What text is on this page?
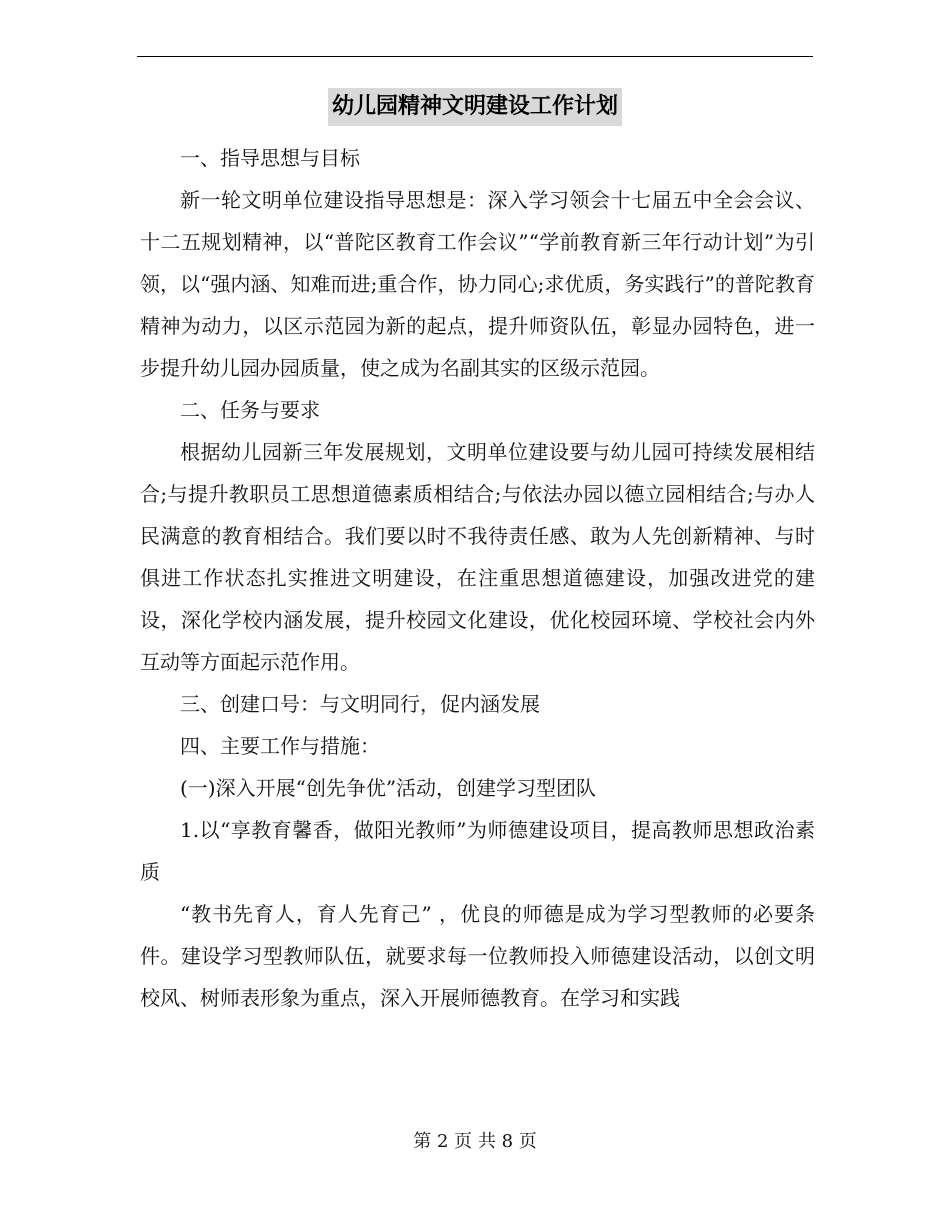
幼儿园精神文明建设工作计划

一、指导思想与目标

新一轮文明单位建设指导思想是：深入学习领会十七届五中全会会议、十二五规划精神，以“普陀区教育工作会议”“学前教育新三年行动计划”为引领，以“强内涵、知难而进;重合作，协力同心;求优质，务实践行”的普陀教育精神为动力，以区示范园为新的起点，提升师资队伍，彰显办园特色，进一步提升幼儿园办园质量，使之成为名副其实的区级示范园。

二、任务与要求

根据幼儿园新三年发展规划，文明单位建设要与幼儿园可持续发展相结合;与提升教职员工思想道德素质相结合;与依法办园以德立园相结合;与办人民满意的教育相结合。我们要以时不我待责任感、敢为人先创新精神、与时俱进工作状态扎实推进文明建设，在注重思想道德建设，加强改进党的建设，深化学校内涵发展，提升校园文化建设，优化校园环境、学校社会内外互动等方面起示范作用。

三、创建口号：与文明同行，促内涵发展

四、主要工作与措施：

(一)深入开展“创先争优”活动，创建学习型团队

1.以“享教育馨香，做阳光教师”为师德建设项目，提高教师思想政治素质

“教书先育人，育人先育己” ，优良的师德是成为学习型教师的必要条件。建设学习型教师队伍，就要求每一位教师投入师德建设活动，以创文明校风、树师表形象为重点，深入开展师德教育。在学习和实践

第 2 页 共 8 页
